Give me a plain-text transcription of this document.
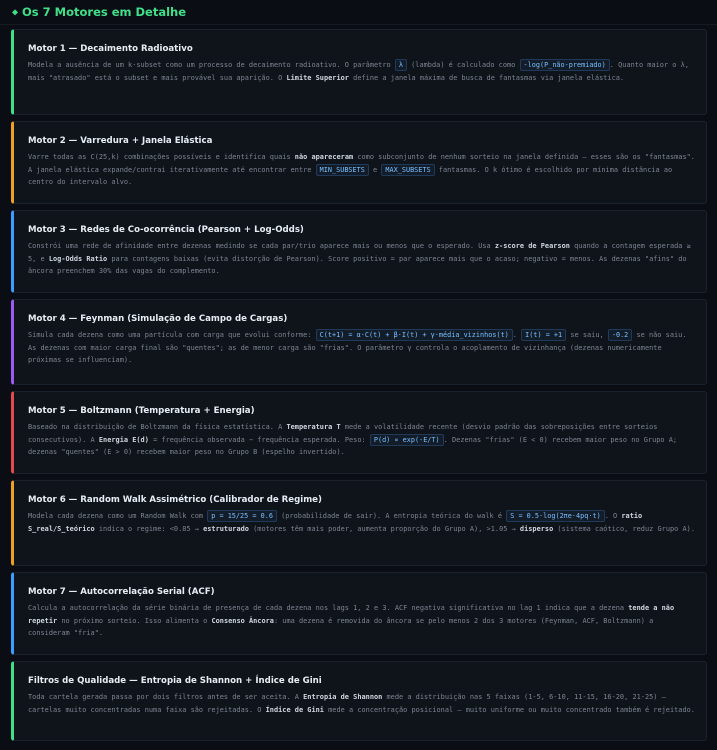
◆ Os 7 Motores em Detalhe
Motor 1 — Decaimento Radioativo
Modela a ausência de um k-subset como um processo de decaimento radioativo. O parâmetro λ (lambda) é calculado como -log(P_não-premiado) . Quanto maior o λ, mais "atrasado" está o subset e mais provável sua aparição. O Limite Superior define a janela máxima de busca de fantasmas via janela elástica.
Motor 2 — Varredura + Janela Elástica
Varre todas as C(25,k) combinações possíveis e identifica quais não apareceram como subconjunto de nenhum sorteio na janela definida — esses são os "fantasmas". A janela elástica expande/contrai iterativamente até encontrar entre MIN_SUBSETS e MAX_SUBSETS fantasmas. O k ótimo é escolhido por mínima distância ao centro do intervalo alvo.
Motor 3 — Redes de Co-ocorrência (Pearson + Log-Odds)
Constrói uma rede de afinidade entre dezenas medindo se cada par/trio aparece mais ou menos que o esperado. Usa z-score de Pearson quando a contagem esperada ≥ 5, e Log-Odds Ratio para contagens baixas (evita distorção de Pearson). Score positivo = par aparece mais que o acaso; negativo = menos. As dezenas "afins" do âncora preenchem 30% das vagas do complemento.
Motor 4 — Feynman (Simulação de Campo de Cargas)
Simula cada dezena como uma partícula com carga que evolui conforme: C(t+1) = α·C(t) + β·I(t) + γ·média_vizinhos(t) . I(t) = +1 se saiu, -0.2 se não saiu. As dezenas com maior carga final são "quentes"; as de menor carga são "frias". O parâmetro γ controla o acoplamento de vizinhança (dezenas numericamente próximas se influenciam).
Motor 5 — Boltzmann (Temperatura + Energia)
Baseado na distribuição de Boltzmann da física estatística. A Temperatura T mede a volatilidade recente (desvio padrão das sobreposições entre sorteios consecutivos). A Energia E(d) = frequência observada − frequência esperada. Peso: P(d) ∝ exp(-E/T) . Dezenas "frias" (E < 0) recebem maior peso no Grupo A; dezenas "quentes" (E > 0) recebem maior peso no Grupo B (espelho invertido).
Motor 6 — Random Walk Assimétrico (Calibrador de Regime)
Modela cada dezena como um Random Walk com p = 15/25 = 0.6 (probabilidade de sair). A entropia teórica do walk é S = 0.5·log(2πe·4pq·t) . O ratio S_real/S_teórico indica o regime: <0.85 → estruturado (motores têm mais poder, aumenta proporção do Grupo A), >1.05 → disperso (sistema caótico, reduz Grupo A).
Motor 7 — Autocorrelação Serial (ACF)
Calcula a autocorrelação da série binária de presença de cada dezena nos lags 1, 2 e 3. ACF negativa significativa no lag 1 indica que a dezena tende a não repetir no próximo sorteio. Isso alimenta o Consenso Âncora: uma dezena é removida do âncora se pelo menos 2 dos 3 motores (Feynman, ACF, Boltzmann) a consideram "fria".
Filtros de Qualidade — Entropia de Shannon + Índice de Gini
Toda cartela gerada passa por dois filtros antes de ser aceita. A Entropia de Shannon mede a distribuição nas 5 faixas (1-5, 6-10, 11-15, 16-20, 21-25) — cartelas muito concentradas numa faixa são rejeitadas. O Índice de Gini mede a concentração posicional — muito uniforme ou muito concentrado também é rejeitado.
